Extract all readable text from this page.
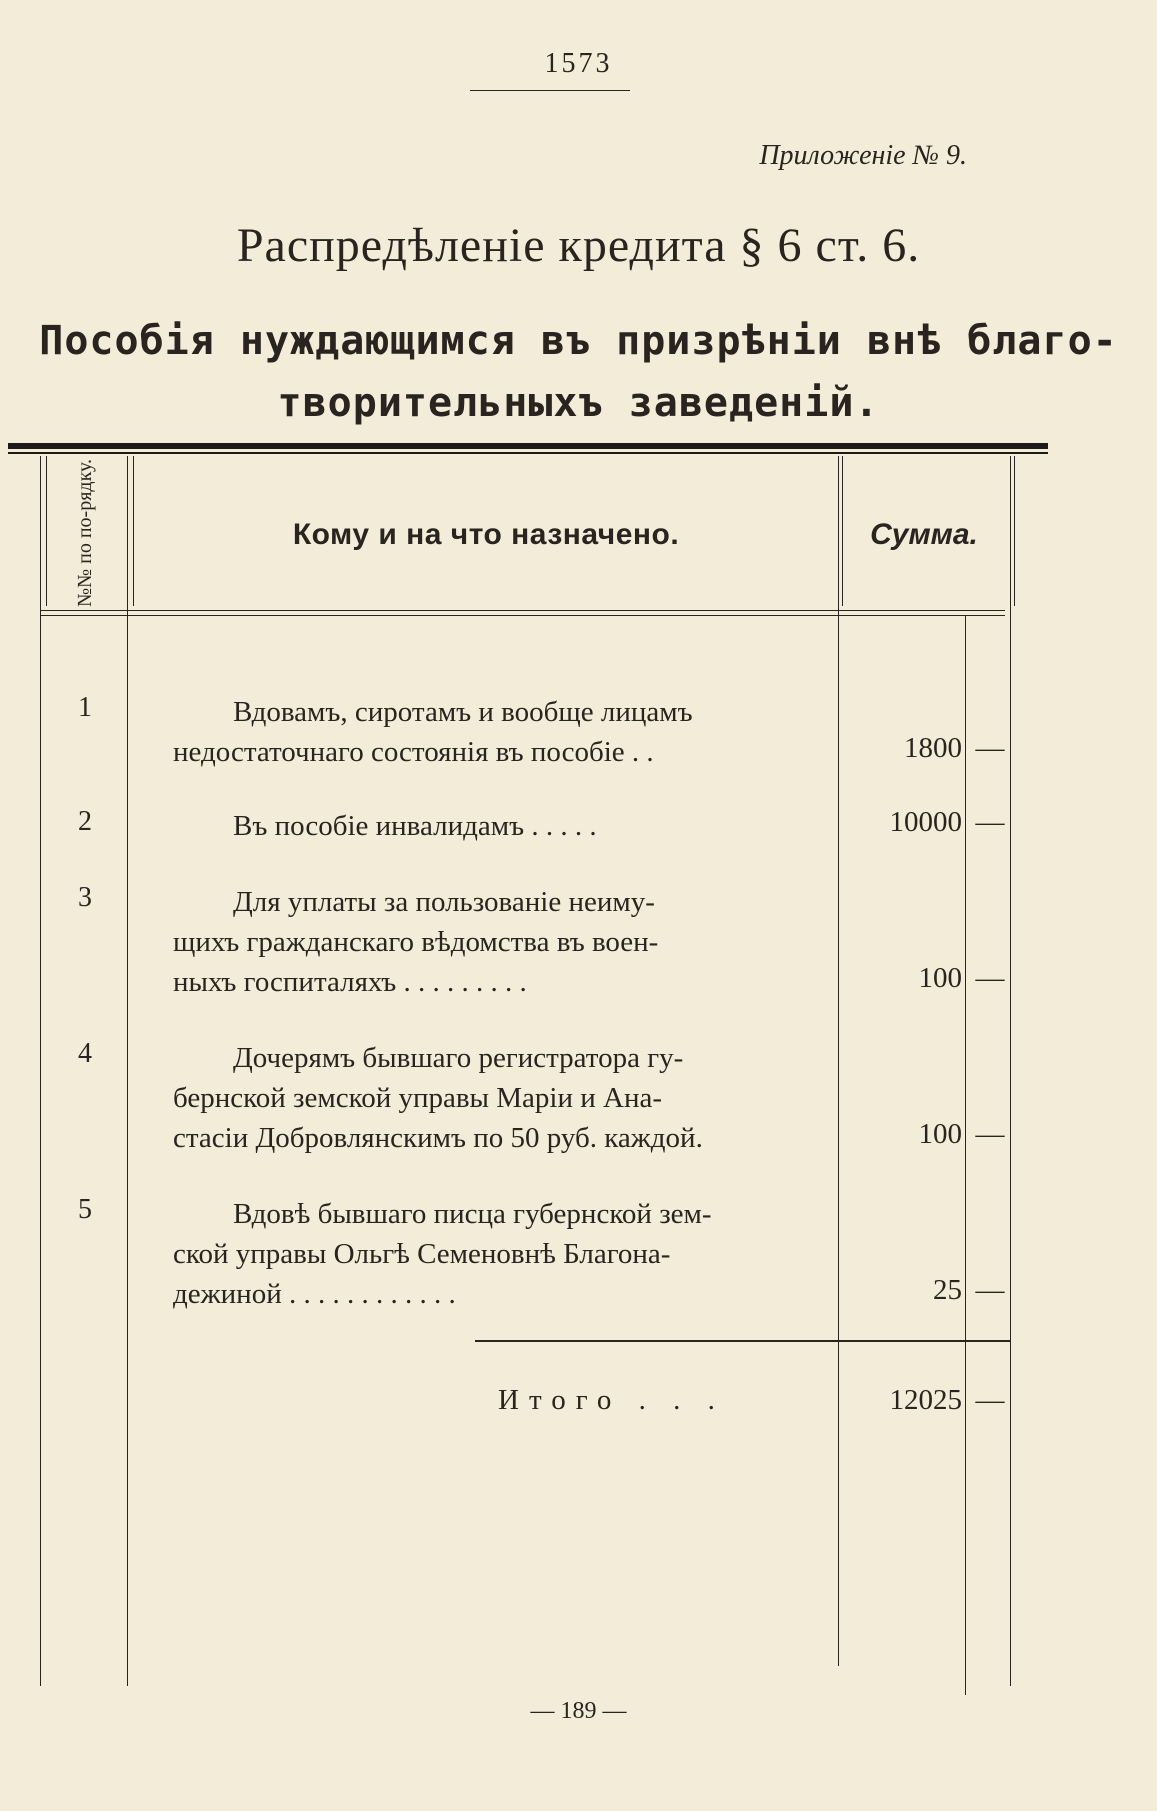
1573
Приложеніе № 9.
Распредѣленіе кредита § 6 ст. 6.
Пособія нуждающимся въ призрѣніи внѣ благо-
творительныхъ заведеній.
№№ по по-рядку.	Кому и на что назначено.	Сумма.
1	Вдовамъ, сиротамъ и вообще лицамъ
недостаточнаго состоянія въ пособіе . .	1800 —
2	Въ пособіе инвалидамъ . . . . .	10000 —
3	Для уплаты за пользованіе неиму-
щихъ гражданскаго вѣдомства въ воен-
ныхъ госпиталяхъ . . . . . . . . .	100 —
4	Дочерямъ бывшаго регистратора гу-
бернской земской управы Маріи и Ана-
стасіи Добровлянскимъ по 50 руб. каждой.	100 —
5	Вдовѣ бывшаго писца губернской зем-
ской управы Ольгѣ Семеновнѣ Благона-
дежиной . . . . . . . . . . . .	25 —
Итого . . .	12025 —
— 189 —
